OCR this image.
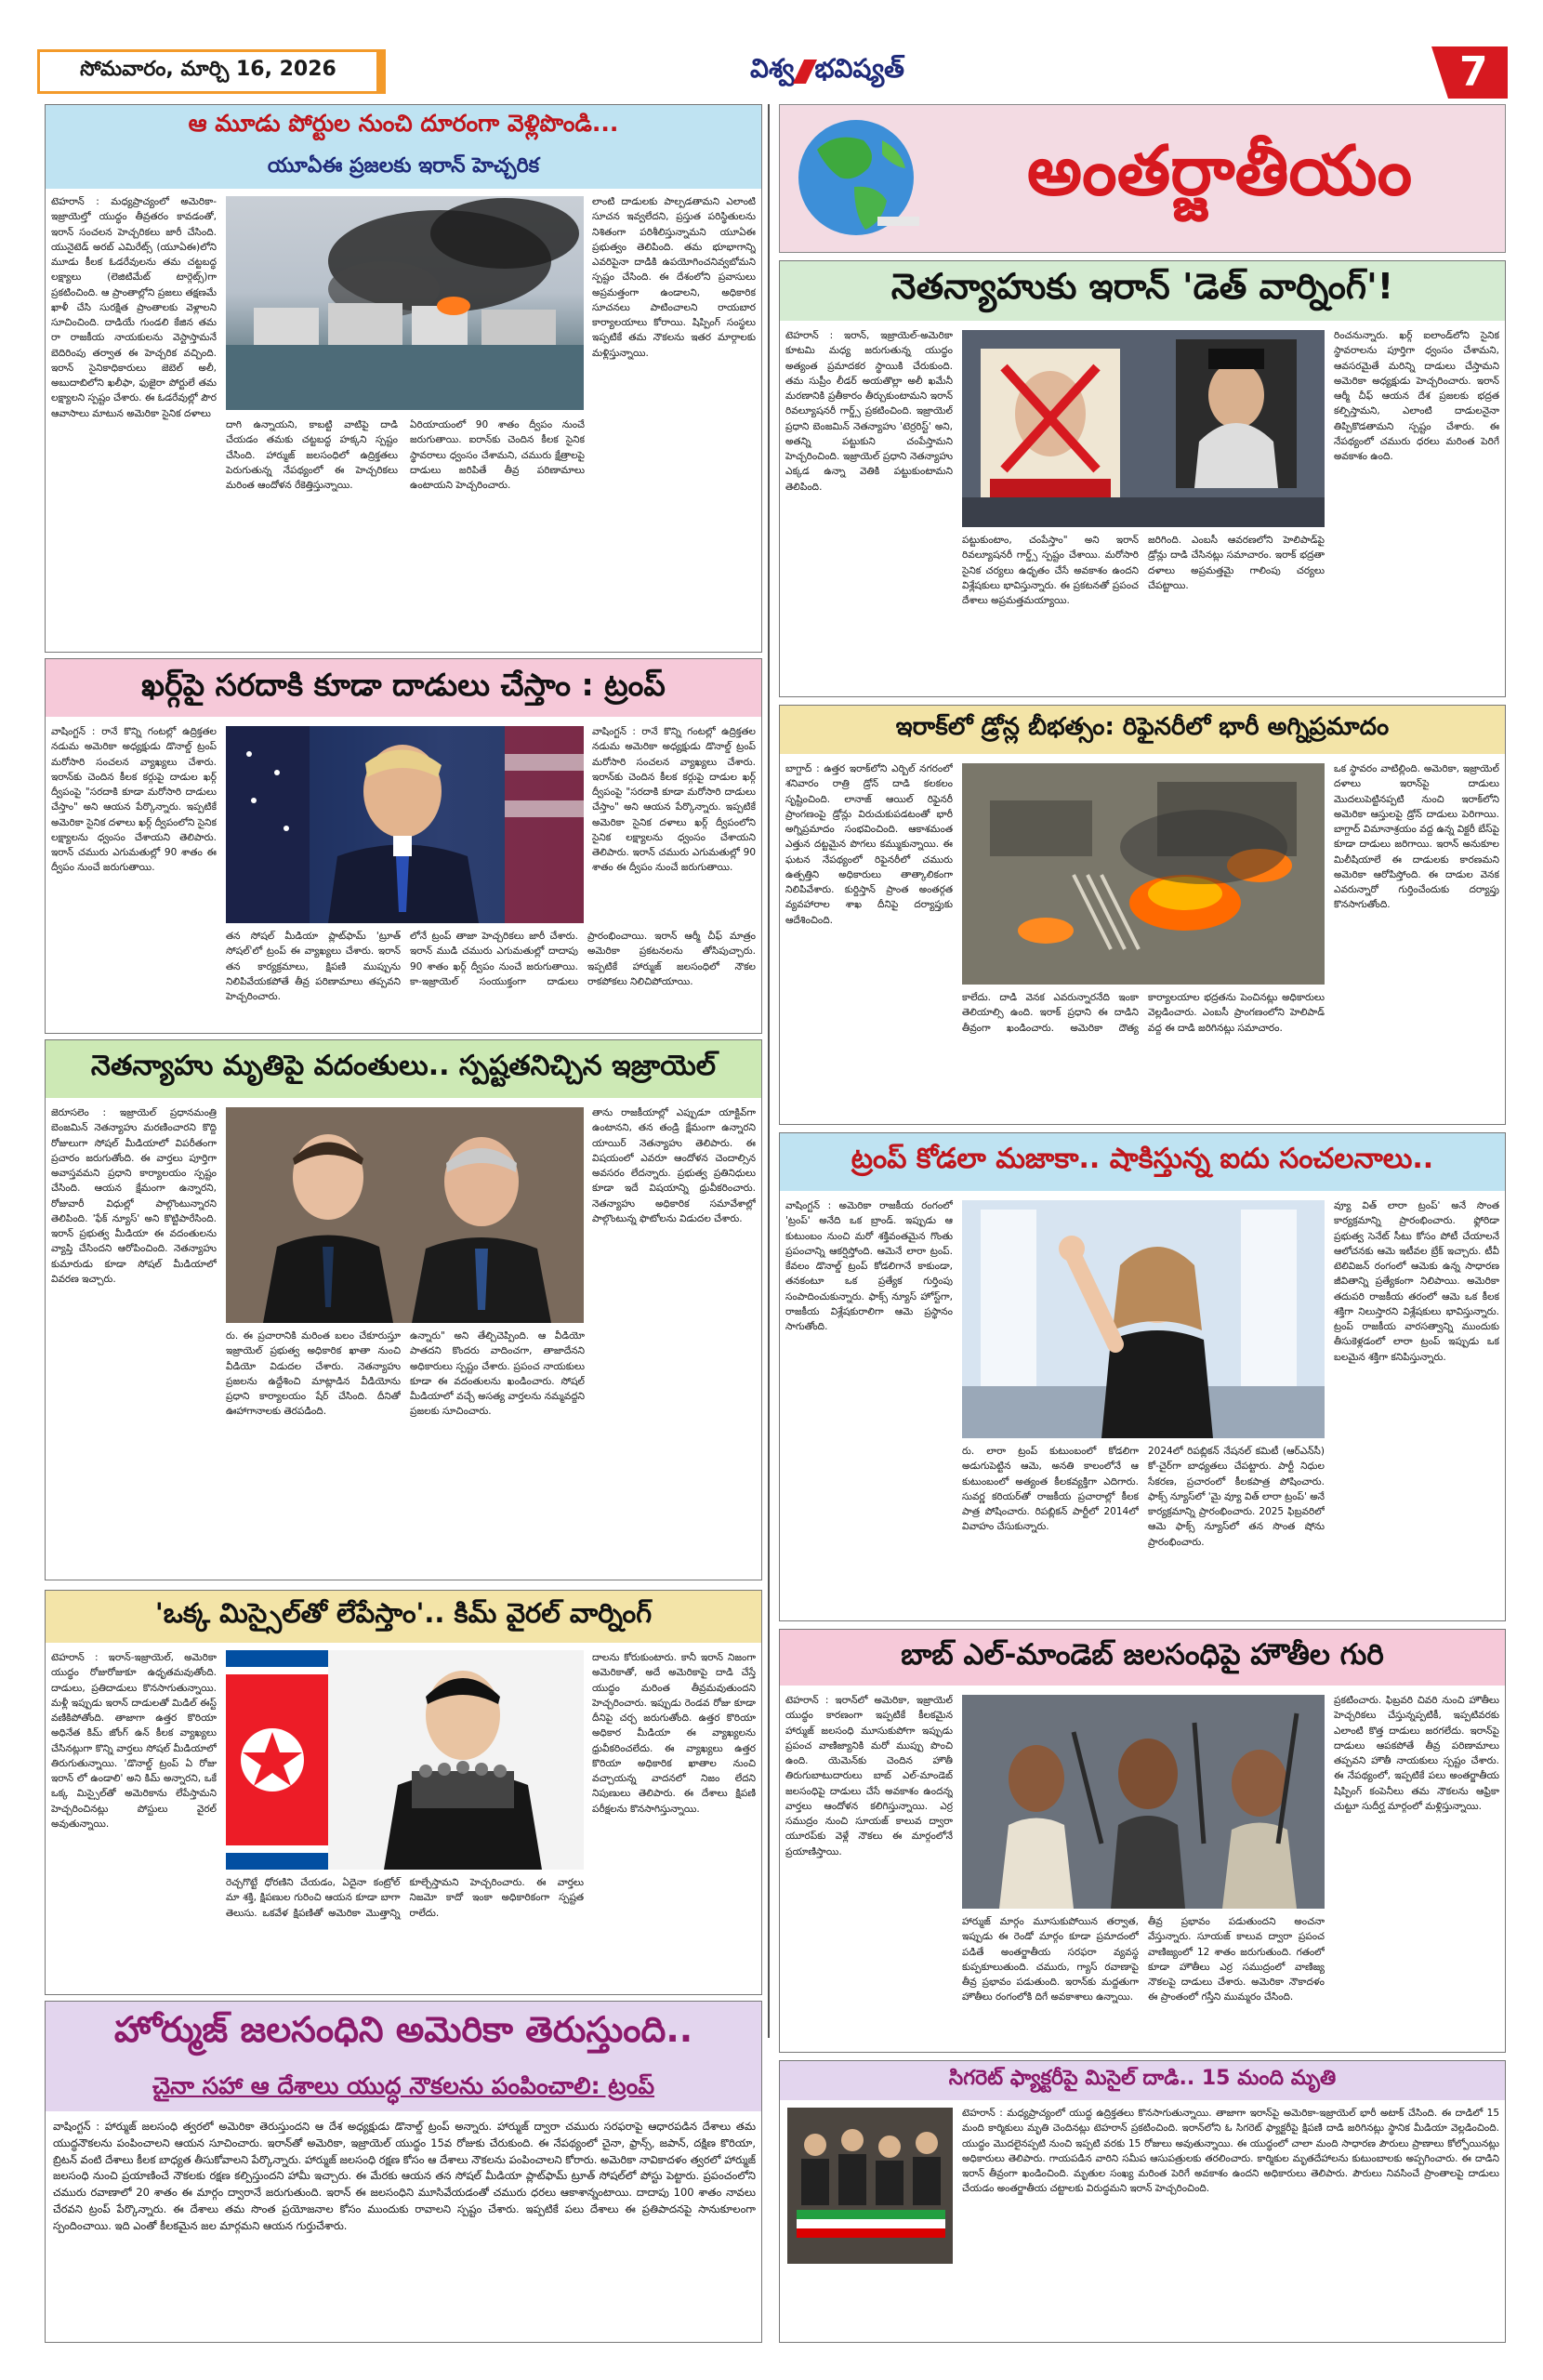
సోమవారం, మార్చి 16, 2026	విశ్వ భవిష్యత్	7
ఆ మూడు పోర్టుల నుంచి దూరంగా వెళ్లిపొండి...
యూఏఈ ప్రజలకు ఇరాన్ హెచ్చరిక
టెహరాన్ : మధ్యప్రాచ్యంలో అమెరికా-ఇజ్రాయెల్తో యుద్ధం తీవ్రతరం కావడంతో, ఇరాన్ సంచలన హెచ్చరికలు జారీ చేసింది. యునైటెడ్ అరబ్ ఎమిరేట్స్ (యూఏఈ)లోని మూడు కీలక ఓడరేవులను తమ చట్టబద్ధ లక్ష్యాలు (లెజిటిమేట్ టార్గెట్స్)గా ప్రకటించింది. ఆ ప్రాంతాల్లోని ప్రజలు తక్షణమే ఖాళీ చేసి సురక్షిత ప్రాంతాలకు వెళ్లాలని సూచించింది. దాడియే గుండలి కేజిన తమ రా రాజకీయ నాయకులను వెస్టాస్తామనే బెదిరింపు తర్వాత ఈ హెచ్చరిక వచ్చింది. ఇరాన్ సైనికాధికారులు జెబెల్ అలీ, అబుదాబిలోని ఖలీఫా, ఫుజైరా పోర్టులే తమ లక్ష్యాలని స్పష్టం చేశారు. ఈ ఓడరేవుల్లో పౌర ఆవాసాలు మాటున అమెరికా సైనిక దళాలు
దాగి ఉన్నాయని, కాబట్టి వాటిపై దాడి చేయడం తమకు చట్టబద్ధ హక్కని స్పష్టం చేసింది. హార్ముజ్ జలసంధిలో ఉద్రిక్తతలు పెరుగుతున్న నేపథ్యంలో ఈ హెచ్చరికలు మరింత ఆందోళన రేకెత్తిస్తున్నాయి.
ఏరియాయంలో 90 శాతం ద్వీపం నుంచే జరుగుతాయి. ఐరాన్‌కు చెందిన కీలక సైనిక స్థావరాలు ధ్వంసం చేశామని, చమురు క్షేత్రాలపై దాడులు జరిపితే తీవ్ర పరిణామాలు ఉంటాయని హెచ్చరించారు.
లాంటి దాడులకు పాల్పడతామని ఎలాంటి సూచన ఇవ్వలేదని, ప్రస్తుత పరిస్థితులను నిశితంగా పరిశీలిస్తున్నామని యూఏఈ ప్రభుత్వం తెలిపింది. తమ భూభాగాన్ని ఎవరిపైనా దాడికి ఉపయోగించనివ్వబోమని స్పష్టం చేసింది. ఈ దేశంలోని ప్రవాసులు అప్రమత్తంగా ఉండాలని, అధికారిక సూచనలు పాటించాలని రాయబార కార్యాలయాలు కోరాయి. షిప్పింగ్ సంస్థలు ఇప్పటికే తమ నౌకలను ఇతర మార్గాలకు మళ్లిస్తున్నాయి.
ఖర్గ్‌పై సరదాకి కూడా దాడులు చేస్తాం : ట్రంప్
వాషింగ్టన్ : రానే కొన్ని గంటల్లో ఉద్రిక్తతల నడుమ అమెరికా అధ్యక్షుడు డొనాల్డ్ ట్రంప్ మరోసారి సంచలన వ్యాఖ్యలు చేశారు. ఇరాన్‌కు చెందిన కీలక కర్గుపై దాడుల ఖర్గ్ ద్వీపంపై "సరదాకి కూడా మరోసారి దాడులు చేస్తాం" అని ఆయన పేర్కొన్నారు. ఇప్పటికే అమెరికా సైనిక దళాలు ఖర్గ్ ద్వీపంలోని సైనిక లక్ష్యాలను ధ్వంసం చేశాయని తెలిపారు. ఇరాన్ చమురు ఎగుమతుల్లో 90 శాతం ఈ ద్వీపం నుంచే జరుగుతాయి.
తన సోషల్ మీడియా ప్లాట్‌ఫామ్ 'ట్రూత్ సోషల్'లో ట్రంప్ ఈ వ్యాఖ్యలు చేశారు. ఇరాన్ తన కార్యక్రమాలు, క్షిపణి ముప్పును నిలిపివేయకపోతే తీవ్ర పరిణామాలు తప్పవని హెచ్చరించారు.
లోనే ట్రంప్ తాజా హెచ్చరికలు జారీ చేశారు. ఇరాన్ ముడి చమురు ఎగుమతుల్లో దాదాపు 90 శాతం ఖర్గ్ ద్వీపం నుంచే జరుగుతాయి. కా-ఇజ్రాయెల్ సంయుక్తంగా దాడులు ప్రారంభించాయి. ఇరాన్ ఆర్మీ చీఫ్ మాత్రం అమెరికా ప్రకటనలను తోసిపుచ్చారు. ఇప్పటికే హార్ముజ్ జలసంధిలో నౌకల రాకపోకలు నిలిచిపోయాయి.
వాషింగ్టన్ : రానే కొన్ని గంటల్లో ఉద్రిక్తతల నడుమ అమెరికా అధ్యక్షుడు డొనాల్డ్ ట్రంప్ మరోసారి సంచలన వ్యాఖ్యలు చేశారు. ఇరాన్‌కు చెందిన కీలక కర్గుపై దాడుల ఖర్గ్ ద్వీపంపై "సరదాకి కూడా మరోసారి దాడులు చేస్తాం" అని ఆయన పేర్కొన్నారు. ఇప్పటికే అమెరికా సైనిక దళాలు ఖర్గ్ ద్వీపంలోని సైనిక లక్ష్యాలను ధ్వంసం చేశాయని తెలిపారు. ఇరాన్ చమురు ఎగుమతుల్లో 90 శాతం ఈ ద్వీపం నుంచే జరుగుతాయి.
నెతన్యాహు మృతిపై వదంతులు.. స్పష్టతనిచ్చిన ఇజ్రాయెల్
జెరూసలెం : ఇజ్రాయెల్ ప్రధానమంత్రి బెంజమిన్ నెతన్యాహు మరణించారని కొద్ది రోజులుగా సోషల్ మీడియాలో విపరీతంగా ప్రచారం జరుగుతోంది. ఈ వార్తలు పూర్తిగా అవాస్తవమని ప్రధాని కార్యాలయం స్పష్టం చేసింది. ఆయన క్షేమంగా ఉన్నారని, రోజువారీ విధుల్లో పాల్గొంటున్నారని తెలిపింది. 'ఫేక్ న్యూస్' అని కొట్టిపారేసింది. ఇరాన్ ప్రభుత్వ మీడియా ఈ వదంతులను వ్యాప్తి చేసిందని ఆరోపించింది. నెతన్యాహు కుమారుడు కూడా సోషల్ మీడియాలో వివరణ ఇచ్చారు.
రు. ఈ ప్రచారానికి మరింత బలం చేకూరుస్తూ ఇజ్రాయెల్ ప్రభుత్వ అధికారిక ఖాతా నుంచి వీడియో విడుదల చేశారు. నెతన్యాహు ప్రజలను ఉద్దేశించి మాట్లాడిన వీడియోను ప్రధాని కార్యాలయం షేర్ చేసింది. దీనితో ఊహాగానాలకు తెరపడింది.
ఉన్నారు" అని తేల్చిచెప్పింది. ఆ వీడియో పాతదని కొందరు వాదించగా, తాజాదేనని అధికారులు స్పష్టం చేశారు. ప్రపంచ నాయకులు కూడా ఈ వదంతులను ఖండించారు. సోషల్ మీడియాలో వచ్చే అసత్య వార్తలను నమ్మవద్దని ప్రజలకు సూచించారు.
తాను రాజకీయాల్లో ఎప్పుడూ యాక్టివ్‌గా ఉంటానని, తన తండ్రి క్షేమంగా ఉన్నారని యాయిర్ నెతన్యాహు తెలిపారు. ఈ విషయంలో ఎవరూ ఆందోళన చెందాల్సిన అవసరం లేదన్నారు. ప్రభుత్వ ప్రతినిధులు కూడా ఇదే విషయాన్ని ధ్రువీకరించారు. నెతన్యాహు అధికారిక సమావేశాల్లో పాల్గొంటున్న ఫొటోలను విడుదల చేశారు.
'ఒక్క మిస్సైల్‌తో లేపేస్తాం'.. కిమ్ వైరల్ వార్నింగ్
టెహరాన్ : ఇరాన్-ఇజ్రాయెల్, అమెరికా యుద్ధం రోజురోజుకూ ఉధృతమవుతోంది. దాడులు, ప్రతిదాడులు కొనసాగుతున్నాయి. మళ్లీ ఇప్పుడు ఇరాన్ దాడులతో మిడిల్ ఈస్ట్ వణికిపోతోంది. తాజాగా ఉత్తర కొరియా అధినేత కిమ్ జోంగ్ ఉన్ కీలక వ్యాఖ్యలు చేసినట్లుగా కొన్ని వార్తలు సోషల్ మీడియాలో తిరుగుతున్నాయి. 'డొనాల్డ్ ట్రంప్ ఏ రోజు ఇరాన్ లో ఉండాలి' అని కిమ్ అన్నారని, ఒకే ఒక్క మిస్సైల్‌తో అమెరికాను లేపేస్తామని హెచ్చరించినట్లు పోస్టులు వైరల్ అవుతున్నాయి.
రెచ్చగొట్టే ధోరణిని చేయడం, ఏదైనా కంట్రోల్ మా శక్తి, క్షిపణుల గురించి ఆయన కూడా బాగా తెలుసు. ఒకవేళ క్షిపణితో అమెరికా మొత్తాన్ని కూల్చేస్తామని హెచ్చరించారు. ఈ వార్తలు నిజమో కాదో ఇంకా అధికారికంగా స్పష్టత రాలేదు.
దాలను కోరుకుంటారు. కానీ ఇరాన్ నిజంగా అమెరికాతో, అదే అమెరికాపై దాడి చేస్తే యుద్ధం మరింత తీవ్రమవుతుందని హెచ్చరించారు. ఇప్పుడు రెండవ రోజు కూడా దీనిపై చర్చ జరుగుతోంది. ఉత్తర కొరియా అధికార మీడియా ఈ వ్యాఖ్యలను ధ్రువీకరించలేదు. ఈ వ్యాఖ్యలు ఉత్తర కొరియా అధికారిక ఖాతాల నుంచి వచ్చాయన్న వాదనలో నిజం లేదని నిపుణులు తెలిపారు. ఈ దేశాలు క్షిపణి పరీక్షలను కొనసాగిస్తున్నాయి.
అంతర్జాతీయం
నెతన్యాహుకు ఇరాన్ 'డెత్ వార్నింగ్'!
టెహరాన్ : ఇరాన్, ఇజ్రాయెల్-అమెరికా కూటమి మధ్య జరుగుతున్న యుద్ధం అత్యంత ప్రమాదకర స్థాయికి చేరుకుంది. తమ సుప్రీం లీడర్ అయతొల్లా అలీ ఖమేనీ మరణానికి ప్రతీకారం తీర్చుకుంటామని ఇరాన్ రివల్యూషనరీ గార్డ్స్ ప్రకటించింది. ఇజ్రాయెల్ ప్రధాని బెంజమిన్ నెతన్యాహు 'టెర్రరిస్ట్' అని, అతన్ని పట్టుకుని చంపేస్తామని హెచ్చరించింది. ఇజ్రాయెల్ ప్రధాని నెతన్యాహు ఎక్కడ ఉన్నా వెతికి పట్టుకుంటామని తెలిపింది.
పట్టుకుంటాం, చంపేస్తాం" అని ఇరాన్ రివల్యూషనరీ గార్డ్స్ స్పష్టం చేశాయి. మరోసారి సైనిక చర్యలు ఉధృతం చేసే అవకాశం ఉందని విశ్లేషకులు భావిస్తున్నారు. ఈ ప్రకటనతో ప్రపంచ దేశాలు అప్రమత్తమయ్యాయి.
జరిగింది. ఎంబసీ ఆవరణలోని హెలిపాడ్‌పై డ్రోన్లు దాడి చేసినట్లు సమాచారం. ఇరాక్ భద్రతా దళాలు అప్రమత్తమై గాలింపు చర్యలు చేపట్టాయి.
రించనున్నారు. ఖర్గ్ ఐలాండ్‌లోని సైనిక స్థావరాలను పూర్తిగా ధ్వంసం చేశామని, ఆవసరమైతే మరిన్ని దాడులు చేస్తామని అమెరికా అధ్యక్షుడు హెచ్చరించారు. ఇరాన్ ఆర్మీ చీఫ్ ఆయన దేశ ప్రజలకు భద్రత కల్పిస్తామని, ఎలాంటి దాడులనైనా తిప్పికొడతామని స్పష్టం చేశారు. ఈ నేపథ్యంలో చమురు ధరలు మరింత పెరిగే అవకాశం ఉంది.
ఇరాక్‌లో డ్రోన్ల బీభత్సం: రిఫైనరీలో భారీ అగ్నిప్రమాదం
బాగ్దాద్ : ఉత్తర ఇరాక్‌లోని ఎర్బిల్ నగరంలో శనివారం రాత్రి డ్రోన్ దాడి కలకలం సృష్టించింది. లానాజ్ ఆయిల్ రిఫైనరీ ప్రాంగణంపై డ్రోన్లు విరుచుకుపడటంతో భారీ అగ్నిప్రమాదం సంభవించింది. ఆకాశమంత ఎత్తున దట్టమైన పొగలు కమ్ముకున్నాయి. ఈ ఘటన నేపథ్యంలో రిఫైనరీలో చమురు ఉత్పత్తిని అధికారులు తాత్కాలికంగా నిలిపివేశారు. కుర్దిస్తాన్ ప్రాంత అంతర్గత వ్యవహారాల శాఖ దీనిపై దర్యాప్తుకు ఆదేశించింది.
కాలేదు. దాడి వెనక ఎవరున్నారనేది ఇంకా తెలియాల్సి ఉంది. ఇరాక్ ప్రధాని ఈ దాడిని తీవ్రంగా ఖండించారు. అమెరికా దౌత్య కార్యాలయాల భద్రతను పెంచినట్లు అధికారులు వెల్లడించారు. ఎంబసీ ప్రాంగణంలోని హెలిపాడ్ వద్ద ఈ దాడి జరిగినట్లు సమాచారం.
ఒక స్థావరం వాటిల్లింది. అమెరికా, ఇజ్రాయెల్ దళాలు ఇరాన్‌పై దాడులు మొదలుపెట్టినప్పటి నుంచి ఇరాక్‌లోని అమెరికా ఆస్తులపై డ్రోన్ దాడులు పెరిగాయి. బాగ్దాద్ విమానాశ్రయం వద్ద ఉన్న విక్టరీ బేస్‌పై కూడా దాడులు జరిగాయి. ఇరాన్ అనుకూల మిలీషియాలే ఈ దాడులకు కారణమని అమెరికా ఆరోపిస్తోంది. ఈ దాడుల వెనక ఎవరున్నారో గుర్తించేందుకు దర్యాప్తు కొనసాగుతోంది.
ట్రంప్ కోడలా మజాకా.. షాకిస్తున్న ఐదు సంచలనాలు..
వాషింగ్టన్ : అమెరికా రాజకీయ రంగంలో 'ట్రంప్' అనేది ఒక బ్రాండ్. ఇప్పుడు ఆ కుటుంబం నుంచి మరో శక్తివంతమైన గొంతు ప్రపంచాన్ని ఆకర్షిస్తోంది. ఆమెనే లారా ట్రంప్. కేవలం డొనాల్డ్ ట్రంప్ కోడలిగానే కాకుండా, తనకంటూ ఒక ప్రత్యేక గుర్తింపు సంపాదించుకున్నారు. ఫాక్స్ న్యూస్ హోస్ట్‌గా, రాజకీయ విశ్లేషకురాలిగా ఆమె ప్రస్థానం సాగుతోంది.
రు. లారా ట్రంప్ కుటుంబంలో కోడలిగా అడుగుపెట్టిన ఆమె, అనతి కాలంలోనే ఆ కుటుంబంలో అత్యంత కీలకవ్యక్తిగా ఎదిగారు. సువర్ణ కరియర్‌తో రాజకీయ ప్రచారాల్లో కీలక పాత్ర పోషించారు. రిపబ్లికన్ పార్టీలో 2014లో వివాహం చేసుకున్నారు.
2024లో రిపబ్లికన్ నేషనల్ కమిటీ (ఆర్ఎన్‌సీ) కో-చైర్‌గా బాధ్యతలు చేపట్టారు. పార్టీ నిధుల సేకరణ, ప్రచారంలో కీలకపాత్ర పోషించారు. ఫాక్స్ న్యూస్‌లో 'మై వ్యూ విత్ లారా ట్రంప్' అనే కార్యక్రమాన్ని ప్రారంభించారు. 2025 ఫిబ్రవరిలో ఆమె ఫాక్స్ న్యూస్‌లో తన సొంత షోను ప్రారంభించారు.
వ్యూ విత్ లారా ట్రంప్' అనే సొంత కార్యక్రమాన్ని ప్రారంభించారు. ఫ్లోరిడా ప్రభుత్వ సెనేట్ సీటు కోసం పోటీ చేయాలనే ఆలోచనకు ఆమె ఇటీవల బ్రేక్ ఇచ్చారు. టీవీ టెలివిజన్ రంగంలో ఆమెకు ఉన్న సాధారణ జీవితాన్ని ప్రత్యేకంగా నిలిపాయి. అమెరికా తదుపరి రాజకీయ తరంలో ఆమె ఒక కీలక శక్తిగా నిలుస్తారని విశ్లేషకులు భావిస్తున్నారు. ట్రంప్ రాజకీయ వారసత్వాన్ని ముందుకు తీసుకెళ్లడంలో లారా ట్రంప్ ఇప్పుడు ఒక బలమైన శక్తిగా కనిపిస్తున్నారు.
బాబ్ ఎల్-మాండెబ్ జలసంధిపై హౌతీల గురి
టెహరాన్ : ఇరాన్‌లో అమెరికా, ఇజ్రాయెల్ యుద్ధం కారణంగా ఇప్పటికే కీలకమైన హార్ముజ్ జలసంధి మూసుకుపోగా ఇప్పుడు ప్రపంచ వాణిజ్యానికి మరో ముప్పు పొంచి ఉంది. యెమెన్‌కు చెందిన హౌతీ తిరుగుబాటుదారులు బాబ్ ఎల్-మాండెబ్ జలసంధిపై దాడులు చేసే అవకాశం ఉందన్న వార్తలు ఆందోళన కలిగిస్తున్నాయి. ఎర్ర సముద్రం నుంచి సూయజ్ కాలువ ద్వారా యూరప్‌కు వెళ్లే నౌకలు ఈ మార్గంలోనే ప్రయాణిస్తాయి.
హార్ముజ్ మార్గం మూసుకుపోయిన తర్వాత, ఇప్పుడు ఈ రెండో మార్గం కూడా ప్రమాదంలో పడితే అంతర్జాతీయ సరఫరా వ్యవస్థ కుప్పకూలుతుంది. చమురు, గ్యాస్ రవాణాపై తీవ్ర ప్రభావం పడుతుంది. ఇరాన్‌కు మద్దతుగా హౌతీలు రంగంలోకి దిగే అవకాశాలు ఉన్నాయి.
తీవ్ర ప్రభావం పడుతుందని అంచనా వేస్తున్నారు. సూయజ్ కాలువ ద్వారా ప్రపంచ వాణిజ్యంలో 12 శాతం జరుగుతుంది. గతంలో కూడా హౌతీలు ఎర్ర సముద్రంలో వాణిజ్య నౌకలపై దాడులు చేశారు. అమెరికా నౌకాదళం ఈ ప్రాంతంలో గస్తీని ముమ్మరం చేసింది.
ప్రకటించారు. ఫిబ్రవరి చివరి నుంచి హౌతీలు హెచ్చరికలు చేస్తున్నప్పటికీ, ఇప్పటివరకు ఎలాంటి కొత్త దాడులు జరగలేదు. ఇరాన్‌పై దాడులు ఆపకపోతే తీవ్ర పరిణామాలు తప్పవని హౌతీ నాయకులు స్పష్టం చేశారు. ఈ నేపథ్యంలో, ఇప్పటికే పలు అంతర్జాతీయ షిప్పింగ్ కంపెనీలు తమ నౌకలను ఆఫ్రికా చుట్టూ సుదీర్ఘ మార్గంలో మళ్లిస్తున్నాయి.
సిగరెట్ ఫ్యాక్టరీపై మిసైల్ దాడి.. 15 మంది మృతి
టెహరాన్ : మధ్యప్రాచ్యంలో యుద్ధ ఉద్రిక్తతలు కొనసాగుతున్నాయి. తాజాగా ఇరాన్‌పై అమెరికా-ఇజ్రాయెల్ భారీ అటాక్ చేసింది. ఈ దాడిలో 15 మంది కార్మికులు మృతి చెందినట్లు టెహరాన్ ప్రకటించింది. ఇరాన్‌లోని ఓ సిగరెట్ ఫ్యాక్టరీపై క్షిపణి దాడి జరిగినట్లు స్థానిక మీడియా వెల్లడించింది. యుద్ధం మొదలైనప్పటి నుంచి ఇప్పటి వరకు 15 రోజులు అవుతున్నాయి. ఈ యుద్ధంలో చాలా మంది సాధారణ పౌరులు ప్రాణాలు కోల్పోయినట్లు అధికారులు తెలిపారు. గాయపడిన వారిని సమీప ఆసుపత్రులకు తరలించారు. కార్మికుల మృతదేహాలను కుటుంబాలకు అప్పగించారు. ఈ దాడిని ఇరాన్ తీవ్రంగా ఖండించింది. మృతుల సంఖ్య మరింత పెరిగే అవకాశం ఉందని అధికారులు తెలిపారు. పౌరులు నివసించే ప్రాంతాలపై దాడులు చేయడం అంతర్జాతీయ చట్టాలకు విరుద్ధమని ఇరాన్ హెచ్చరించింది.
హోర్ముజ్ జలసంధిని అమెరికా తెరుస్తుంది..
చైనా సహా ఆ దేశాలు యుద్ధ నౌకలను పంపించాలి: ట్రంప్
వాషింగ్టన్ : హార్ముజ్ జలసంధి త్వరలో అమెరికా తెరుస్తుందని ఆ దేశ అధ్యక్షుడు డొనాల్డ్ ట్రంప్ అన్నారు. హార్ముజ్ ద్వారా చమురు సరఫరాపై ఆధారపడిన దేశాలు తమ యుద్ధనౌకలను పంపించాలని ఆయన సూచించారు. ఇరాన్‌తో అమెరికా, ఇజ్రాయెల్ యుద్ధం 15వ రోజుకు చేరుకుంది. ఈ నేపథ్యంలో చైనా, ఫ్రాన్స్, జపాన్, దక్షిణ కొరియా, బ్రిటన్ వంటి దేశాలు కీలక బాధ్యత తీసుకోవాలని పేర్కొన్నారు. హార్ముజ్ జలసంధి రక్షణ కోసం ఆ దేశాలు నౌకలను పంపించాలని కోరారు. అమెరికా నావికాదళం త్వరలో హార్ముజ్ జలసంధి నుంచి ప్రయాణించే నౌకలకు రక్షణ కల్పిస్తుందని హామీ ఇచ్చారు. ఈ మేరకు ఆయన తన సోషల్ మీడియా ప్లాట్‌ఫామ్ ట్రూత్ సోషల్‌లో పోస్టు పెట్టారు. ప్రపంచంలోని చమురు రవాణాలో 20 శాతం ఈ మార్గం ద్వారానే జరుగుతుంది. ఇరాన్ ఈ జలసంధిని మూసివేయడంతో చమురు ధరలు ఆకాశాన్నంటాయి. దాదాపు 100 శాతం నావలు చేరవని ట్రంప్ పేర్కొన్నారు. ఈ దేశాలు తమ సొంత ప్రయోజనాల కోసం ముందుకు రావాలని స్పష్టం చేశారు. ఇప్పటికే పలు దేశాలు ఈ ప్రతిపాదనపై సానుకూలంగా స్పందించాయి. ఇది ఎంతో కీలకమైన జల మార్గమని ఆయన గుర్తుచేశారు.
